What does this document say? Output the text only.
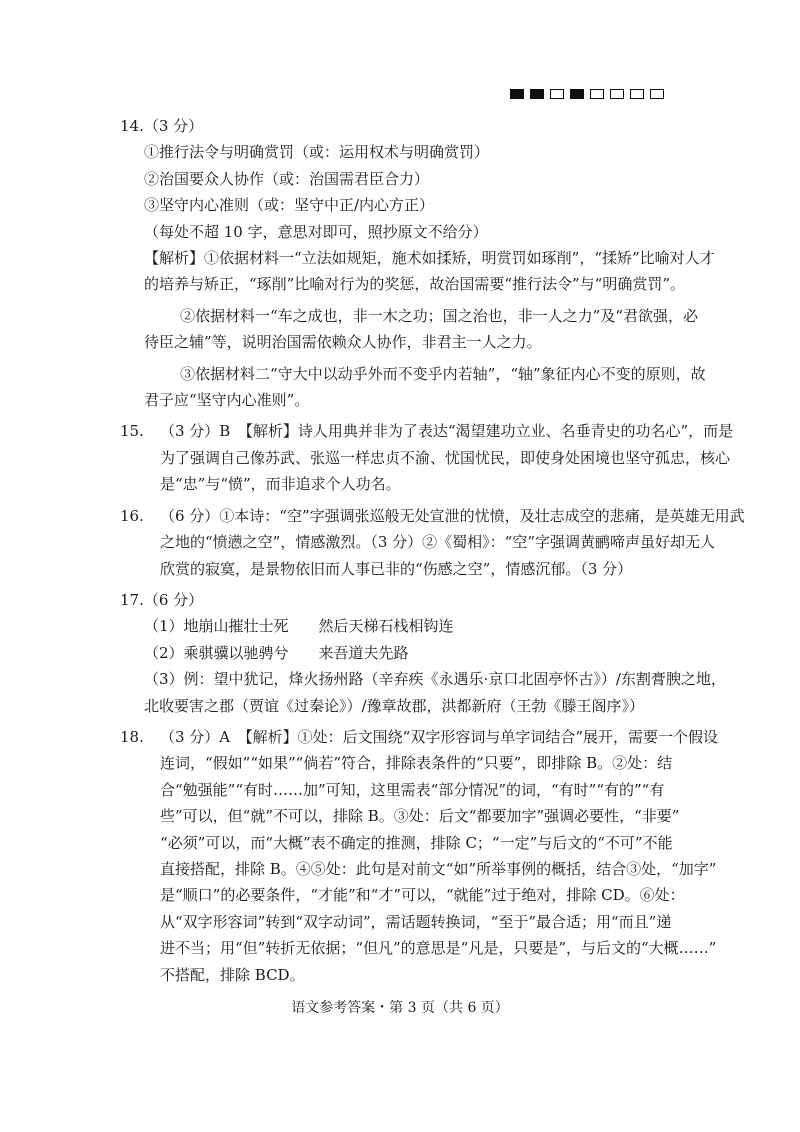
14.（3 分）
①推行法令与明确赏罚（或：运用权术与明确赏罚）
②治国要众人协作（或：治国需君臣合力）
③坚守内心准则（或：坚守中正/内心方正）
（每处不超 10 字，意思对即可，照抄原文不给分）
【解析】①依据材料一“立法如规矩，施术如揉矫，明赏罚如琢削”，“揉矫”比喻对人才
的培养与矫正，“琢削”比喻对行为的奖惩，故治国需要“推行法令”与“明确赏罚”。
②依据材料一“车之成也，非一木之功；国之治也，非一人之力”及“君欲强，必
待臣之辅”等，说明治国需依赖众人协作，非君主一人之力。
③依据材料二“守大中以动乎外而不变乎内若轴”，“轴”象征内心不变的原则，故
君子应“坚守内心准则”。
15.	（3 分）B　【解析】诗人用典并非为了表达“渴望建功立业、名垂青史的功名心”，而是
为了强调自己像苏武、张巡一样忠贞不渝、忧国忧民，即使身处困境也坚守孤忠，核心
是“忠”与“愤”，而非追求个人功名。
16.	（6 分）①本诗：“空”字强调张巡般无处宣泄的忧愤，及壮志成空的悲痛，是英雄无用武
之地的“愤懑之空”，情感激烈。（3 分）②《蜀相》：“空”字强调黄鹂啼声虽好却无人
欣赏的寂寞，是景物依旧而人事已非的“伤感之空”，情感沉郁。（3 分）
17.（6 分）
（1）地崩山摧壮士死　　然后天梯石栈相钩连
（2）乘骐骥以驰骋兮　　来吾道夫先路
（3）例：望中犹记，烽火扬州路（辛弃疾《永遇乐·京口北固亭怀古》）/东割膏腴之地，
北收要害之郡（贾谊《过秦论》）/豫章故郡，洪都新府（王勃《滕王阁序》）
18.	（3 分）A　【解析】①处：后文围绕“双字形容词与单字词结合”展开，需要一个假设
连词，“假如”“如果”“倘若”符合，排除表条件的“只要”，即排除 B。②处：结
合“勉强能”“有时……加”可知，这里需表“部分情况”的词，“有时”“有的”“有
些”可以，但“就”不可以，排除 B。③处：后文“都要加字”强调必要性，“非要”
“必须”可以，而“大概”表不确定的推测，排除 C；“一定”与后文的“不可”不能
直接搭配，排除 B。④⑤处：此句是对前文“如”所举事例的概括，结合③处，“加字”
是“顺口”的必要条件，“才能”和“才”可以，“就能”过于绝对，排除 CD。⑥处：
从“双字形容词”转到“双字动词”，需话题转换词，“至于”最合适；用“而且”递
进不当；用“但”转折无依据；“但凡”的意思是“凡是，只要是”，与后文的“大概……”
不搭配，排除 BCD。
语文参考答案・第 3 页（共 6 页）
